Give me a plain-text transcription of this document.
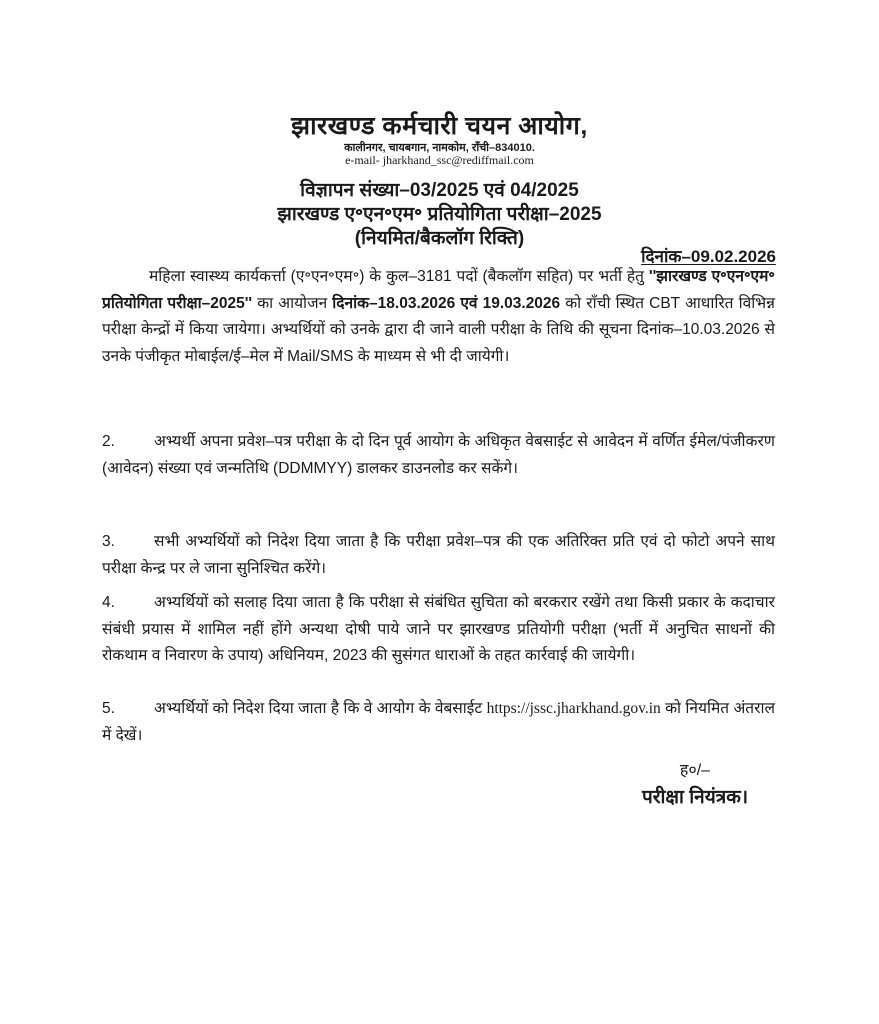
झारखण्ड कर्मचारी चयन आयोग,
कालीनगर, चायबगान, नामकोम, राँची–834010.
e-mail- jharkhand_ssc@rediffmail.com
विज्ञापन संख्या–03/2025 एवं 04/2025
झारखण्ड ए॰एन॰एम॰ प्रतियोगिता परीक्षा–2025
(नियमित/बैकलॉग रिक्ति)
दिनांक–09.02.2026
महिला स्वास्थ्य कार्यकर्त्ता (ए॰एन॰एम॰) के कुल–3181 पदों (बैकलॉग सहित) पर भर्ती हेतु ''झारखण्ड ए॰एन॰एम॰ प्रतियोगिता परीक्षा–2025'' का आयोजन दिनांक–18.03.2026 एवं 19.03.2026 को राँची स्थित CBT आधारित विभिन्न परीक्षा केन्द्रों में किया जायेगा। अभ्यर्थियों को उनके द्वारा दी जाने वाली परीक्षा के तिथि की सूचना दिनांक–10.03.2026 से उनके पंजीकृत मोबाईल/ई–मेल में Mail/SMS के माध्यम से भी दी जायेगी।
2.	अभ्यर्थी अपना प्रवेश–पत्र परीक्षा के दो दिन पूर्व आयोग के अधिकृत वेबसाईट से आवेदन में वर्णित ईमेल/पंजीकरण (आवेदन) संख्या एवं जन्मतिथि (DDMMYY) डालकर डाउनलोड कर सकेंगे।
3.	सभी अभ्यर्थियों को निदेश दिया जाता है कि परीक्षा प्रवेश–पत्र की एक अतिरिक्त प्रति एवं दो फोटो अपने साथ परीक्षा केन्द्र पर ले जाना सुनिश्चित करेंगे।
4.	अभ्यर्थियों को सलाह दिया जाता है कि परीक्षा से संबंधित सुचिता को बरकरार रखेंगे तथा किसी प्रकार के कदाचार संबंधी प्रयास में शामिल नहीं होंगे अन्यथा दोषी पाये जाने पर झारखण्ड प्रतियोगी परीक्षा (भर्ती में अनुचित साधनों की रोकथाम व निवारण के उपाय) अधिनियम, 2023 की सुसंगत धाराओं के तहत कार्रवाई की जायेगी।
5.	अभ्यर्थियों को निदेश दिया जाता है कि वे आयोग के वेबसाईट https://jssc.jharkhand.gov.in को नियमित अंतराल में देखें।
ह०/–
परीक्षा नियंत्रक।
